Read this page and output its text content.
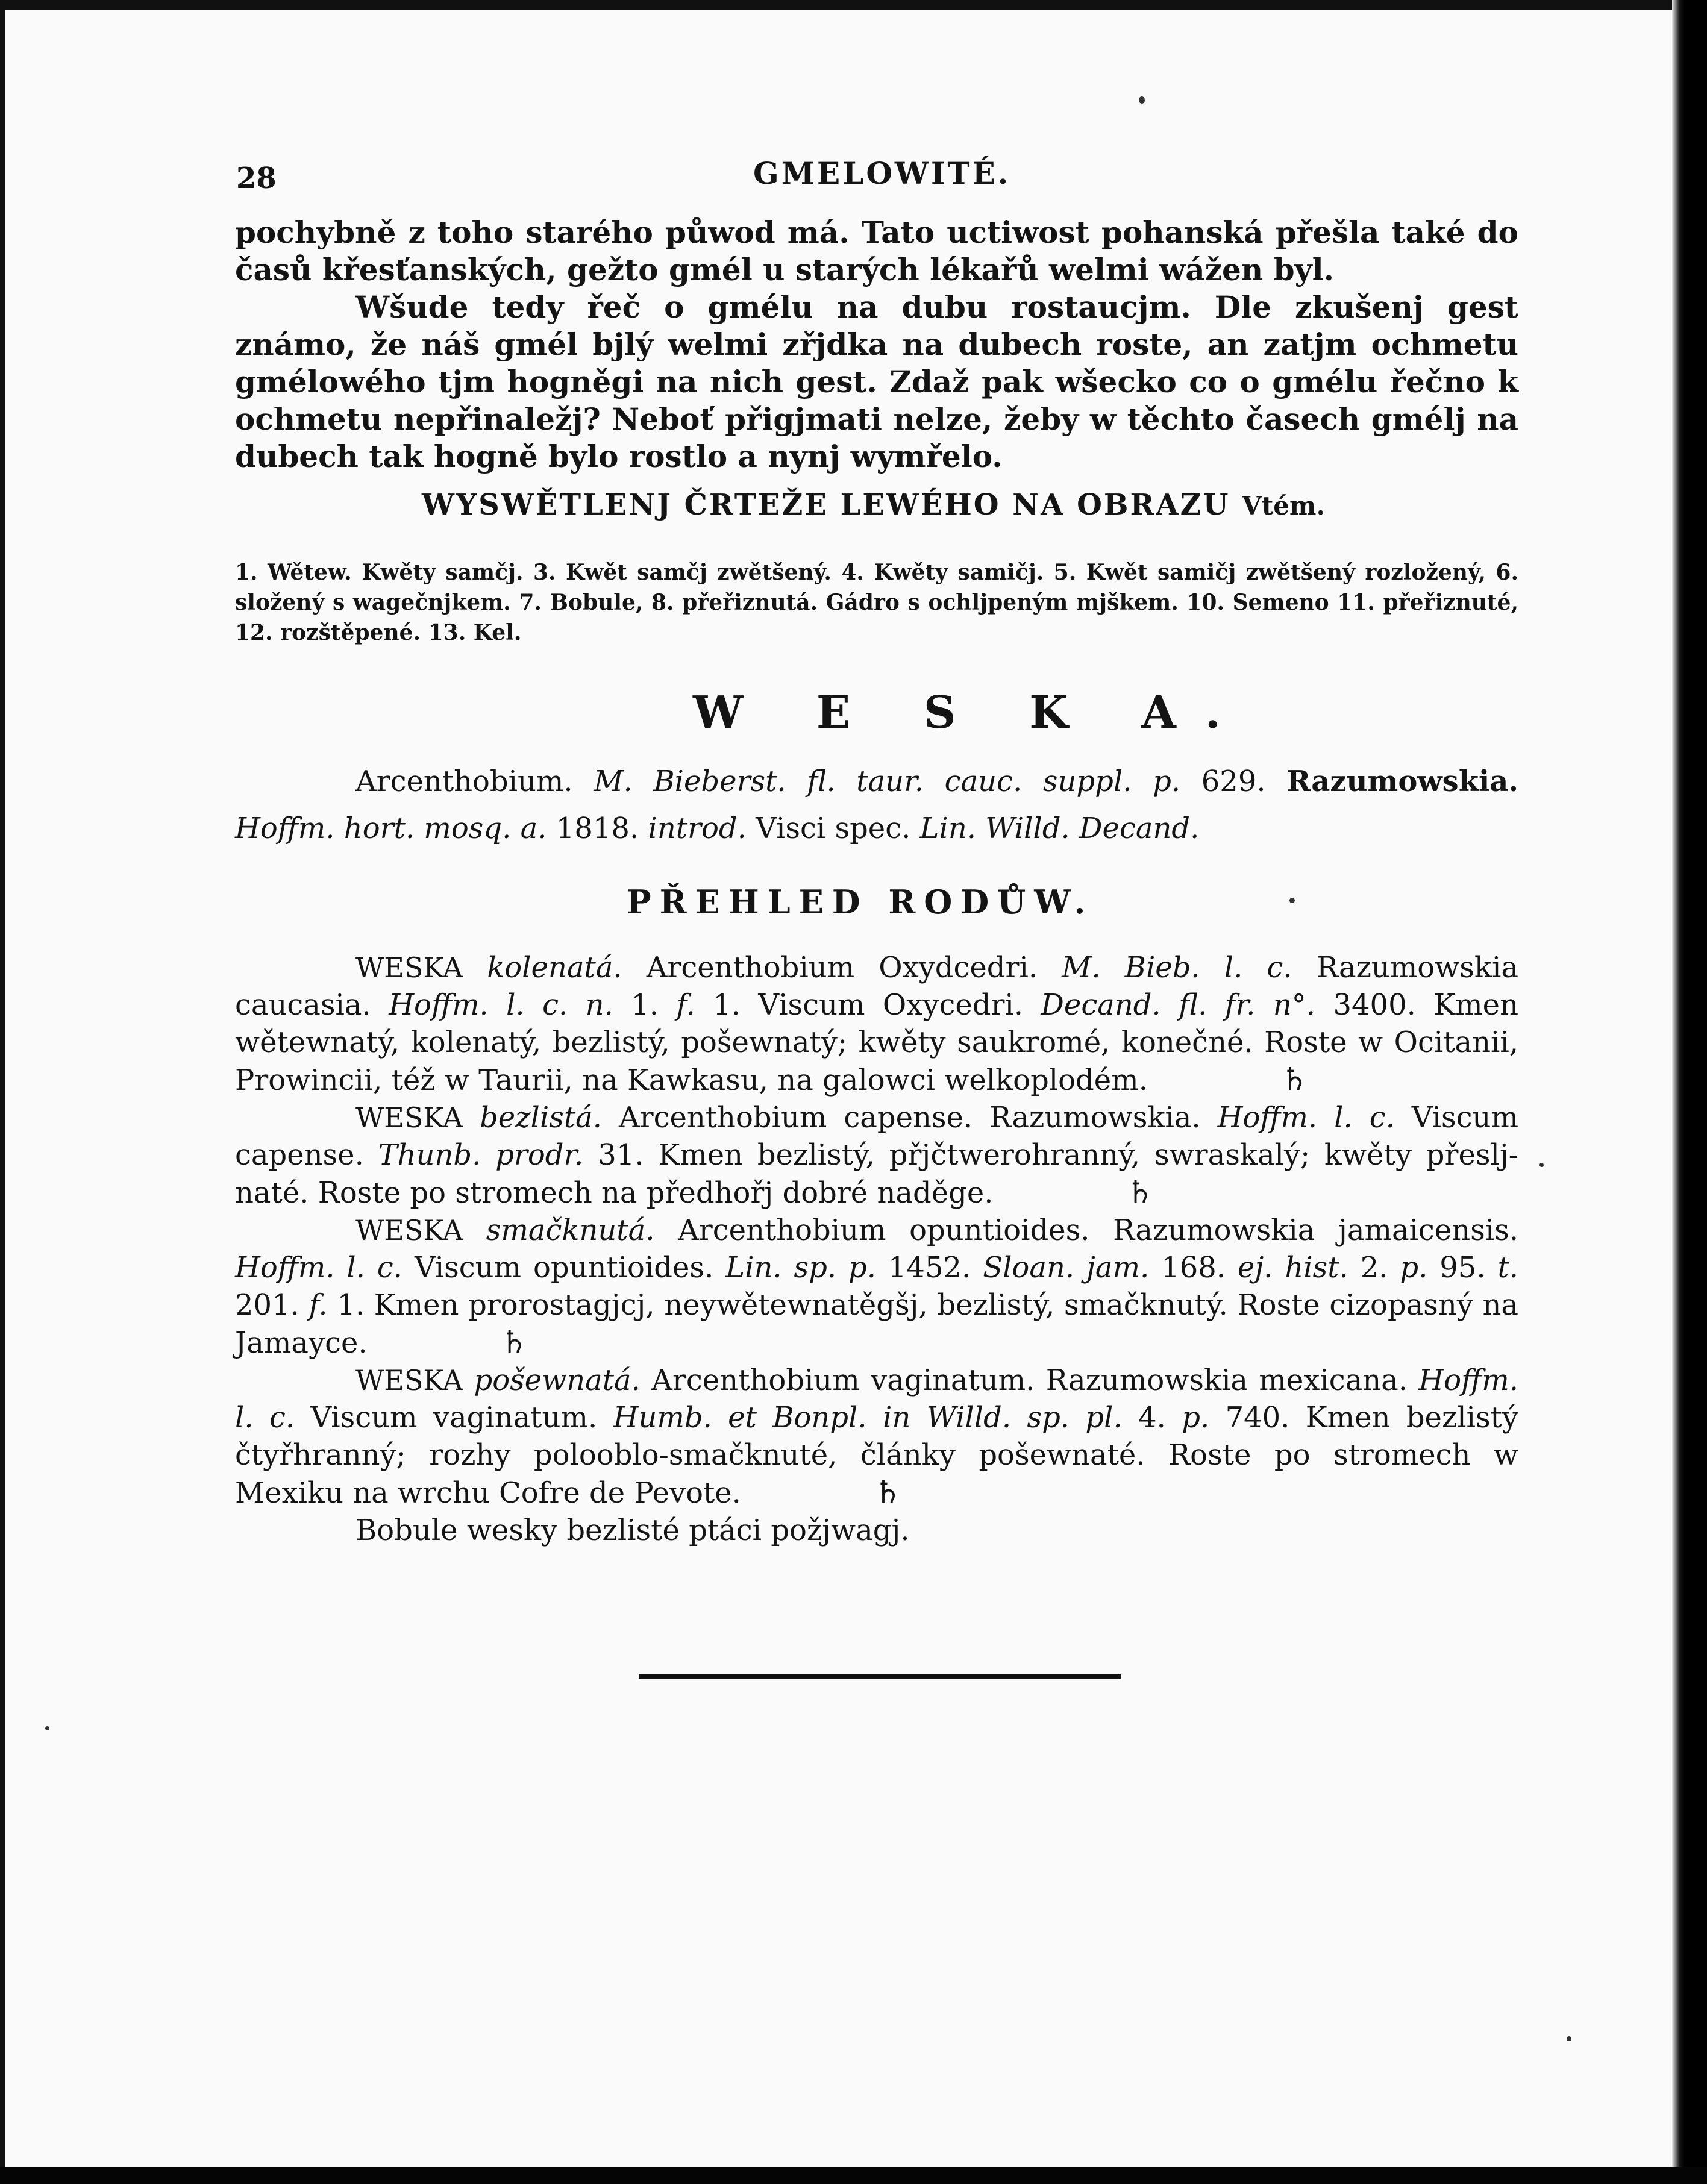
28	GMELOWITÉ.

pochybně z toho starého půwod má. Tato uctiwost pohanská přešla také do časů křesťanských, gežto gmél u starých lékařů welmi wážen byl.

Wšude tedy řeč o gmélu na dubu rostaucjm. Dle zkušenj gest známo, že náš gmél bjlý welmi zřjdka na dubech roste, an zatjm ochmetu gmélowého tjm hogněgi na nich gest. Zdaž pak wšecko co o gmélu řečno k ochmetu nepřinaležj? Neboť přigjmati nelze, žeby w těchto časech gmélj na dubech tak hogně bylo rostlo a nynj wymřelo.

WYSWĚTLENJ ČRTEŽE LEWÉHO NA OBRAZU Vtém.

1. Wětew. Kwěty samčj. 3. Kwět samčj zwětšený. 4. Kwěty samičj. 5. Kwět samičj zwětšený rozložený, 6. složený s wagečnjkem. 7. Bobule, 8. přeřiznutá. Gádro s ochljpeným mjškem. 10. Semeno 11. přeřiznuté, 12. rozštěpené. 13. Kel.

W E S K A.

Arcenthobium. M. Bieberst. fl. taur. cauc. suppl. p. 629. Razumowskia. Hoffm. hort. mosq. a. 1818. introd. Visci spec. Lin. Willd. Decand.

PŘEHLED RODŮW.

WESKA kolenatá. Arcenthobium Oxydcedri. M. Bieb. l. c. Razumowskia caucasia. Hoffm. l. c. n. 1. f. 1. Viscum Oxycedri. Decand. fl. fr. n°. 3400. Kmen wětewnatý, kolenatý, bezlistý, pošewnatý; kwěty saukromé, konečné. Roste w Ocitanii, Prowincii, též w Taurii, na Kawkasu, na galowci welkoplodém.	♄

WESKA bezlistá. Arcenthobium capense. Razumowskia. Hoffm. l. c. Viscum capense. Thunb. prodr. 31. Kmen bezlistý, přjčtwerohranný, swraskalý; kwěty přeslj-naté. Roste po stromech na předhořj dobré naděge.	♄

WESKA smačknutá. Arcenthobium opuntioides. Razumowskia jamaicensis. Hoffm. l. c. Viscum opuntioides. Lin. sp. p. 1452. Sloan. jam. 168. ej. hist. 2. p. 95. t. 201. f. 1. Kmen prorostagjcj, neywětewnatěgšj, bezlistý, smačknutý. Roste cizopasný na Jamayce.	♄

WESKA pošewnatá. Arcenthobium vaginatum. Razumowskia mexicana. Hoffm. l. c. Viscum vaginatum. Humb. et Bonpl. in Willd. sp. pl. 4. p. 740. Kmen bezlistý čtyřhranný; rozhy polooblo-smačknuté, články pošewnaté. Roste po stromech w Mexiku na wrchu Cofre de Pevote.	♄

Bobule wesky bezlisté ptáci požjwagj.
